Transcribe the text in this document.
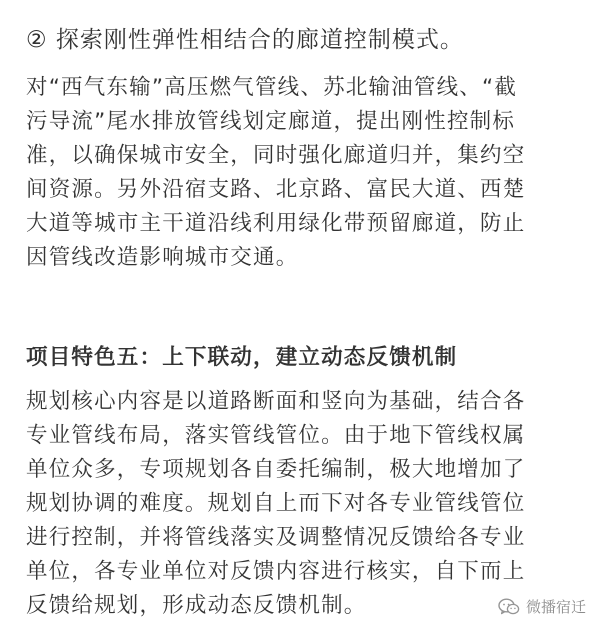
② 探索刚性弹性相结合的廊道控制模式。

对“西气东输”高压燃气管线、苏北输油管线、“截
污导流”尾水排放管线划定廊道，提出刚性控制标
准，以确保城市安全，同时强化廊道归并，集约空
间资源。另外沿宿支路、北京路、富民大道、西楚
大道等城市主干道沿线利用绿化带预留廊道，防止
因管线改造影响城市交通。

项目特色五：上下联动，建立动态反馈机制

规划核心内容是以道路断面和竖向为基础，结合各
专业管线布局，落实管线管位。由于地下管线权属
单位众多，专项规划各自委托编制，极大地增加了
规划协调的难度。规划自上而下对各专业管线管位
进行控制，并将管线落实及调整情况反馈给各专业
单位，各专业单位对反馈内容进行核实，自下而上
反馈给规划，形成动态反馈机制。	微播宿迁
